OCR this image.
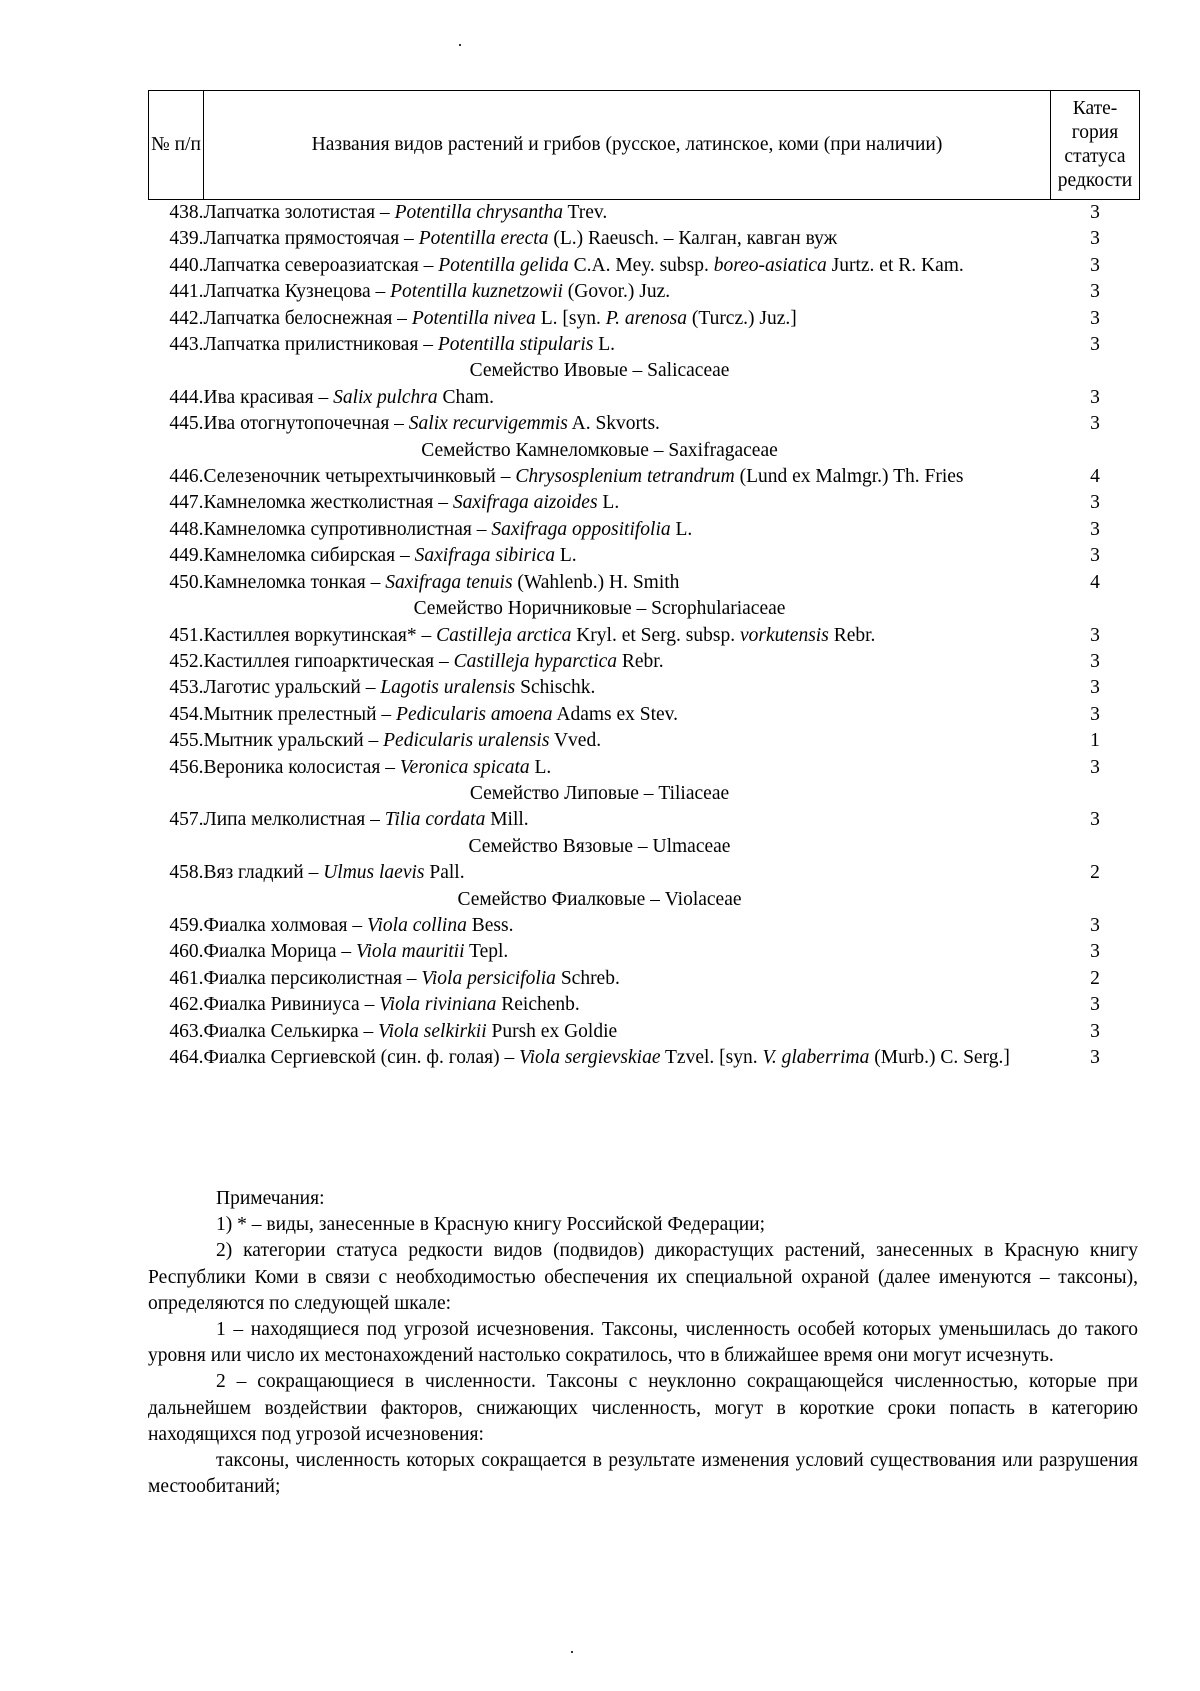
№ п/п	Названия видов растений и грибов (русское, латинское, коми (при наличии)	Кате-гория статуса редкости
438.	Лапчатка золотистая – Potentilla chrysantha Trev.	3
439.	Лапчатка прямостоячая – Potentilla erecta (L.) Raeusch. – Калган, кавган вуж	3
440.	Лапчатка североазиатская – Potentilla gelida C.A. Mey. subsp. boreo-asiatica Jurtz. et R. Kam.	3
441.	Лапчатка Кузнецова – Potentilla kuznetzowii (Govor.) Juz.	3
442.	Лапчатка белоснежная – Potentilla nivea L. [syn. P. arenosa (Turcz.) Juz.]	3
443.	Лапчатка прилистниковая – Potentilla stipularis L.	3
Семейство Ивовые – Salicaceae		
444.	Ива красивая – Salix pulchra Cham.	3
445.	Ива отогнутопочечная – Salix recurvigemmis A. Skvorts.	3
Семейство Камнеломковые – Saxifragaceae		
446.	Селезеночник четырехтычинковый – Chrysosplenium tetrandrum (Lund ex Malmgr.) Th. Fries	4
447.	Камнеломка жестколистная – Saxifraga aizoides L.	3
448.	Камнеломка супротивнолистная – Saxifraga oppositifolia L.	3
449.	Камнеломка сибирская – Saxifraga sibirica L.	3
450.	Камнеломка тонкая – Saxifraga tenuis (Wahlenb.) H. Smith	4
Семейство Норичниковые – Scrophulariaceae		
451.	Кастиллея воркутинская* – Castilleja arctica Kryl. et Serg. subsp. vorkutensis Rebr.	3
452.	Кастиллея гипоарктическая – Castilleja hyparctica Rebr.	3
453.	Лаготис уральский – Lagotis uralensis Schischk.	3
454.	Мытник прелестный – Pedicularis amoena Adams ex Stev.	3
455.	Мытник уральский – Pedicularis uralensis Vved.	1
456.	Вероника колосистая – Veronica spicata L.	3
Семейство Липовые – Tiliaceae		
457.	Липа мелколистная – Tilia cordata Mill.	3
Семейство Вязовые – Ulmaceae		
458.	Вяз гладкий – Ulmus laevis Pall.	2
Семейство Фиалковые – Violaceae		
459.	Фиалка холмовая – Viola collina Bess.	3
460.	Фиалка Морица – Viola mauritii Tepl.	3
461.	Фиалка персиколистная – Viola persicifolia Schreb.	2
462.	Фиалка Ривиниуса – Viola riviniana Reichenb.	3
463.	Фиалка Селькирка – Viola selkirkii Pursh ex Goldie	3
464.	Фиалка Сергиевской (син. ф. голая) – Viola sergievskiae Tzvel. [syn. V. glaberrima (Murb.) C. Serg.]	3

Примечания:

1) * – виды, занесенные в Красную книгу Российской Федерации;

2) категории статуса редкости видов (подвидов) дикорастущих растений, занесенных в Красную книгу Республики Коми в связи с необходимостью обеспечения их специальной охраной (далее именуются – таксоны), определяются по следующей шкале:

1 – находящиеся под угрозой исчезновения. Таксоны, численность особей которых уменьшилась до такого уровня или число их местонахождений настолько сократилось, что в ближайшее время они могут исчезнуть.

2 – сокращающиеся в численности. Таксоны с неуклонно сокращающейся численностью, которые при дальнейшем воздействии факторов, снижающих численность, могут в короткие сроки попасть в категорию находящихся под угрозой исчезновения:

таксоны, численность которых сокращается в результате изменения условий существования или разрушения местообитаний;
